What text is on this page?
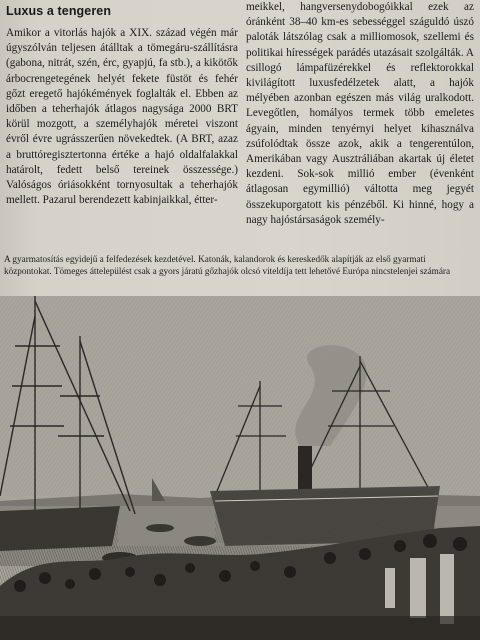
Luxus a tengeren

Amikor a vitorlás hajók a XIX. század végén már úgyszólván teljesen átálltak a tömegáru-szállításra (gabona, nitrát, szén, érc, gyapjú, fa stb.), a kikötők árbocrengetegének helyét fekete füstöt és fehér gőzt eregető hajókémények foglalták el. Ebben az időben a teherhajók átlagos nagysága 2000 BRT körül mozgott, a személyhajók méretei viszont évről évre ugrásszerűen növekedtek. (A BRT, azaz a bruttóregisztertonna értéke a hajó oldalfalakkal határolt, fedett belső tereinek összessége.) Valóságos óriásokként tornyosultak a teherhajók mellett. Pazarul berendezett kabinjaikkal, étter-

meikkel, hangversenydobogóikkal ezek az óránként 38–40 km-es sebességgel száguldó úszó paloták látszólag csak a milliomosok, szellemi és politikai hírességek parádés utazásait szolgálták. A csillogó lámpafüzérekkel és reflektorokkal kivilágított luxusfedélzetek alatt, a hajók mélyében azonban egészen más világ uralkodott. Levegőtlen, homályos termek több emeletes ágyain, minden tenyérnyi helyet kihasználva zsúfolódtak össze azok, akik a tengerentúlon, Amerikában vagy Ausztráliában akartak új életet kezdeni. Sok-sok millió ember (évenként átlagosan egymillió) váltotta meg jegyét összekuporgatott kis pénzéből. Ki hinné, hogy a nagy hajóstársaságok személy-

A gyarmatosítás egyidejű a felfedezések kezdetével. Katonák, kalandorok és kereskedők alapítják az első gyarmati központokat. Tömeges áttelepülést csak a gyors járatú gőzhajók olcsó viteldíja tett lehetővé Európa nincstelenjei számára
